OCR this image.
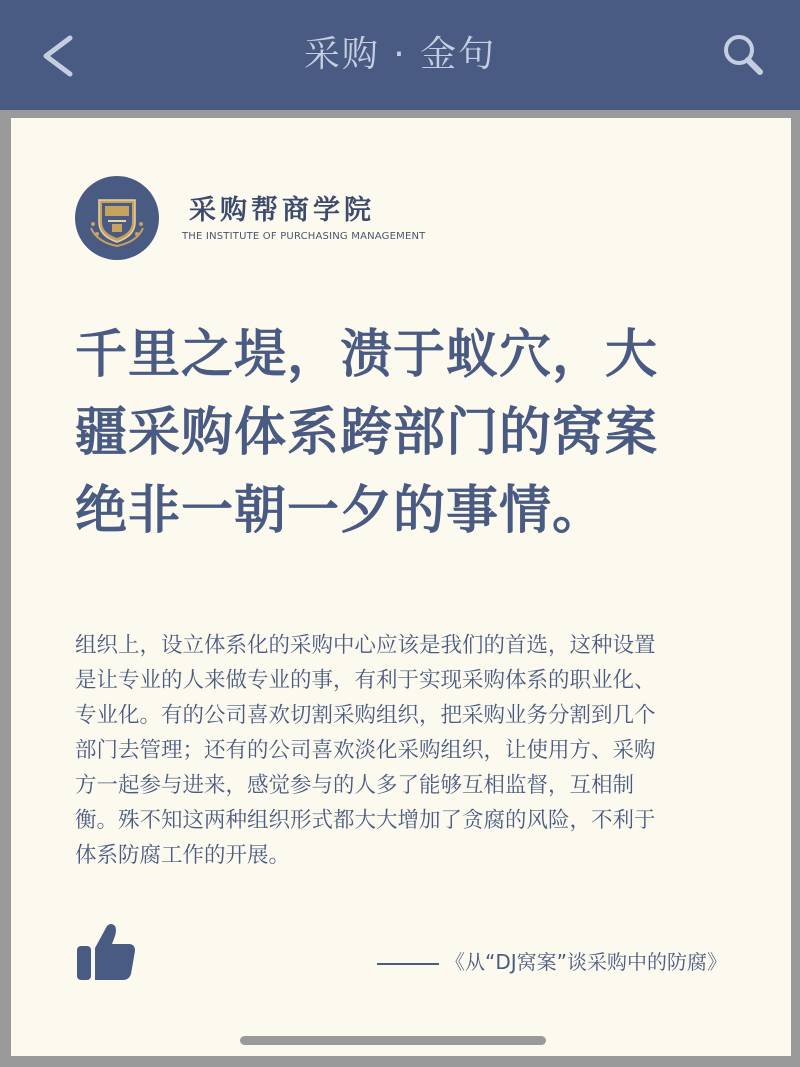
采购 · 金句
采购帮商学院
THE INSTITUTE OF PURCHASING MANAGEMENT
千里之堤，溃于蚁穴，大
疆采购体系跨部门的窝案
绝非一朝一夕的事情。
组织上，设立体系化的采购中心应该是我们的首选，这种设置
是让专业的人来做专业的事，有利于实现采购体系的职业化、
专业化。有的公司喜欢切割采购组织，把采购业务分割到几个
部门去管理；还有的公司喜欢淡化采购组织，让使用方、采购
方一起参与进来，感觉参与的人多了能够互相监督，互相制
衡。殊不知这两种组织形式都大大增加了贪腐的风险，不利于
体系防腐工作的开展。
《从“DJ窝案”谈采购中的防腐》
